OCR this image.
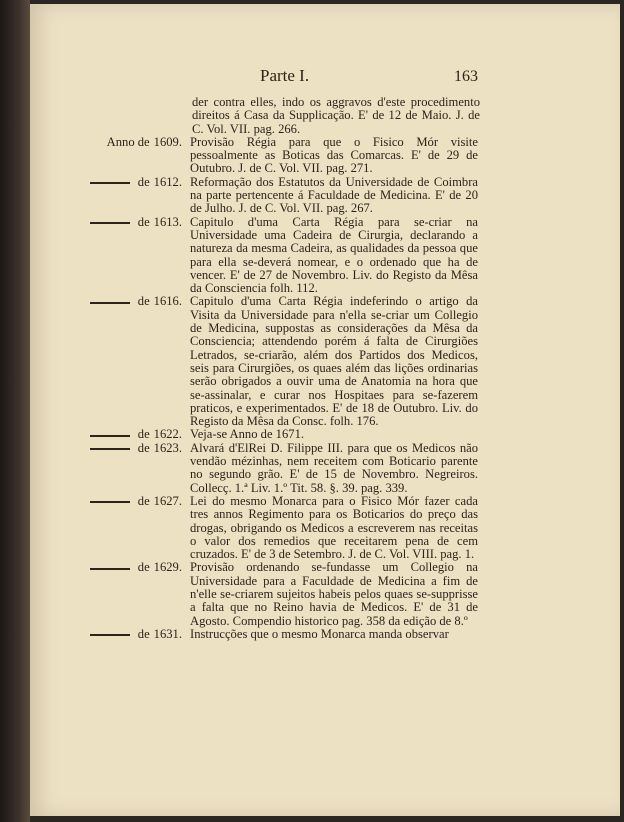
Parte I.	163
der contra elles, indo os aggravos d'este procedimento direitos á Casa da Supplicação. E' de 12 de Maio. J. de C. Vol. VII. pag. 266.
Anno de 1609. Provisão Régia para que o Fisico Mór visite pessoalmente as Boticas das Comarcas. E' de 29 de Outubro. J. de C. Vol. VII. pag. 271.
de 1612. Reformação dos Estatutos da Universidade de Coimbra na parte pertencente á Faculdade de Medicina. E' de 20 de Julho. J. de C. Vol. VII. pag. 267.
de 1613. Capitulo d'uma Carta Régia para se-criar na Universidade uma Cadeira de Cirurgia, declarando a natureza da mesma Cadeira, as qualidades da pessoa que para ella se-deverá nomear, e o ordenado que ha de vencer. E' de 27 de Novembro. Liv. do Registo da Mêsa da Consciencia folh. 112.
de 1616. Capitulo d'uma Carta Régia indeferindo o artigo da Visita da Universidade para n'ella se-criar um Collegio de Medicina, suppostas as considerações da Mêsa da Consciencia; attendendo porém á falta de Cirurgiões Letrados, se-criarão, além dos Partidos dos Medicos, seis para Cirurgiões, os quaes além das lições ordinarias serão obrigados a ouvir uma de Anatomia na hora que se-assinalar, e curar nos Hospitaes para se-fazerem praticos, e experimentados. E' de 18 de Outubro. Liv. do Registo da Mêsa da Consc. folh. 176.
de 1622. Veja-se Anno de 1671.
de 1623. Alvará d'ElRei D. Filippe III. para que os Medicos não vendão mézinhas, nem receitem com Boticario parente no segundo grão. E' de 15 de Novembro. Negreiros. Collecç. 1.ª Liv. 1.º Tit. 58. §. 39. pag. 339.
de 1627. Lei do mesmo Monarca para o Fisico Mór fazer cada tres annos Regimento para os Boticarios do preço das drogas, obrigando os Medicos a escreverem nas receitas o valor dos remedios que receitarem pena de cem cruzados. E' de 3 de Setembro. J. de C. Vol. VIII. pag. 1.
de 1629. Provisão ordenando se-fundasse um Collegio na Universidade para a Faculdade de Medicina a fim de n'elle se-criarem sujeitos habeis pelos quaes se-supprisse a falta que no Reino havia de Medicos. E' de 31 de Agosto. Compendio historico pag. 358 da edição de 8.º
de 1631. Instrucções que o mesmo Monarca manda observar
